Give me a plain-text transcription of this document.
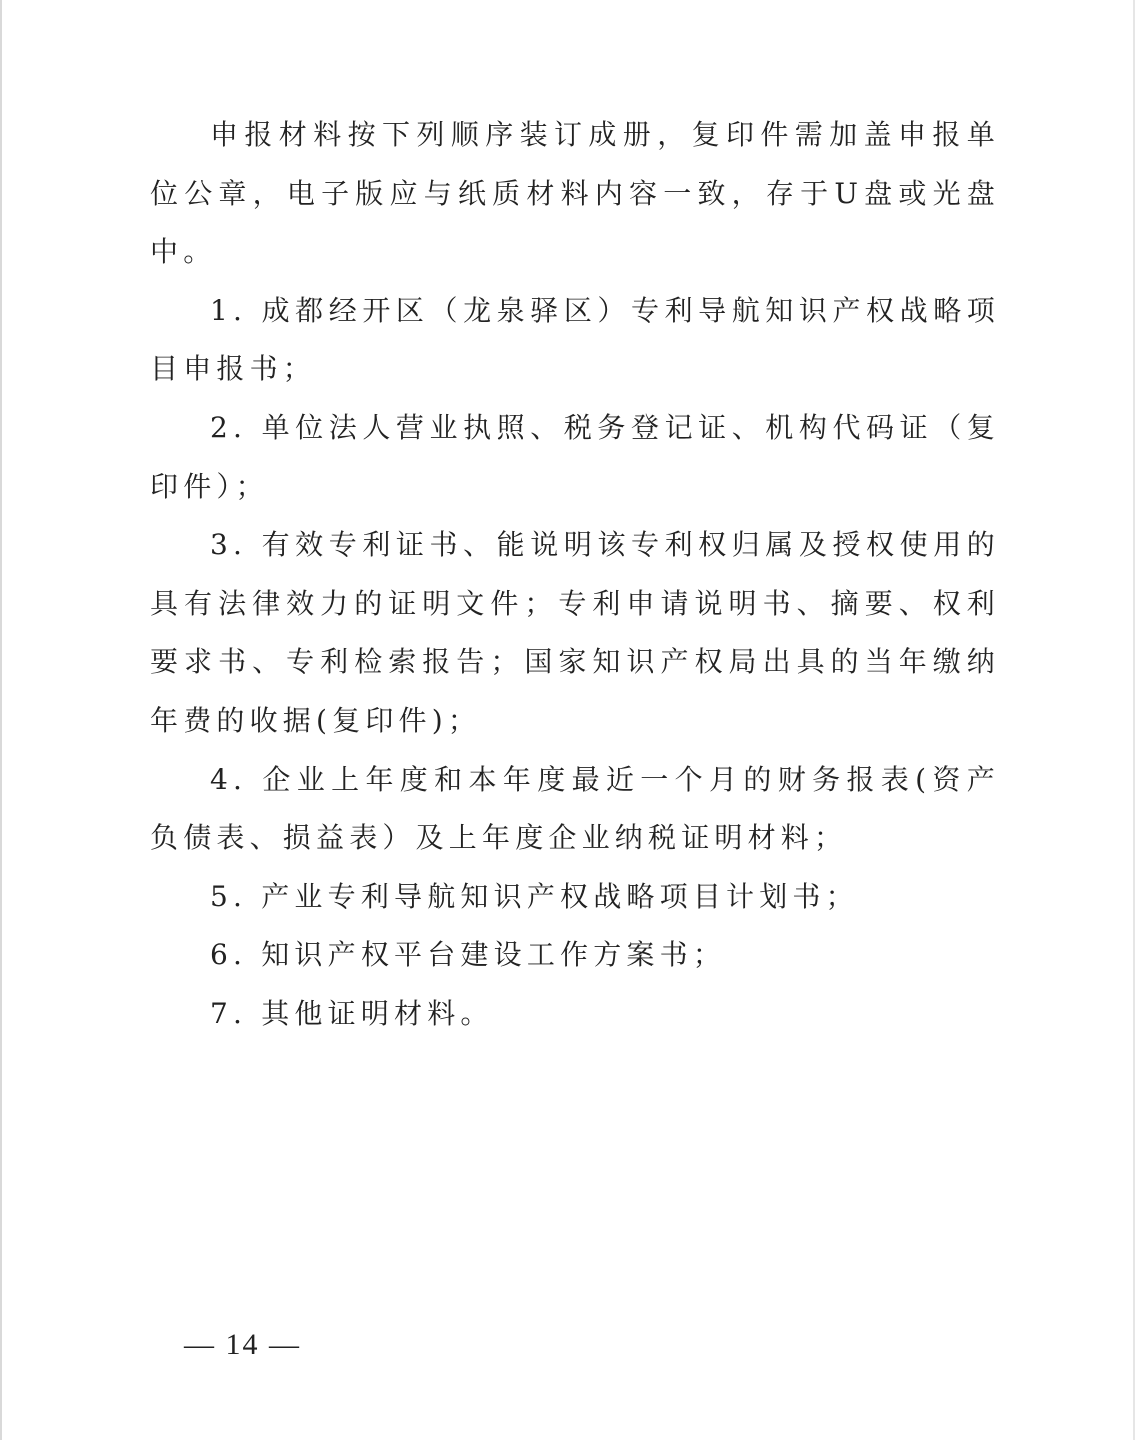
申报材料按下列顺序装订成册，复印件需加盖申报单位公章，电子版应与纸质材料内容一致，存于U盘或光盘中。

1. 成都经开区（龙泉驿区）专利导航知识产权战略项目申报书；

2. 单位法人营业执照、税务登记证、机构代码证（复印件）；

3. 有效专利证书、能说明该专利权归属及授权使用的具有法律效力的证明文件；专利申请说明书、摘要、权利要求书、专利检索报告；国家知识产权局出具的当年缴纳年费的收据(复印件)；

4. 企业上年度和本年度最近一个月的财务报表(资产负债表、损益表）及上年度企业纳税证明材料；

5. 产业专利导航知识产权战略项目计划书；

6. 知识产权平台建设工作方案书；

7. 其他证明材料。

— 14 —
